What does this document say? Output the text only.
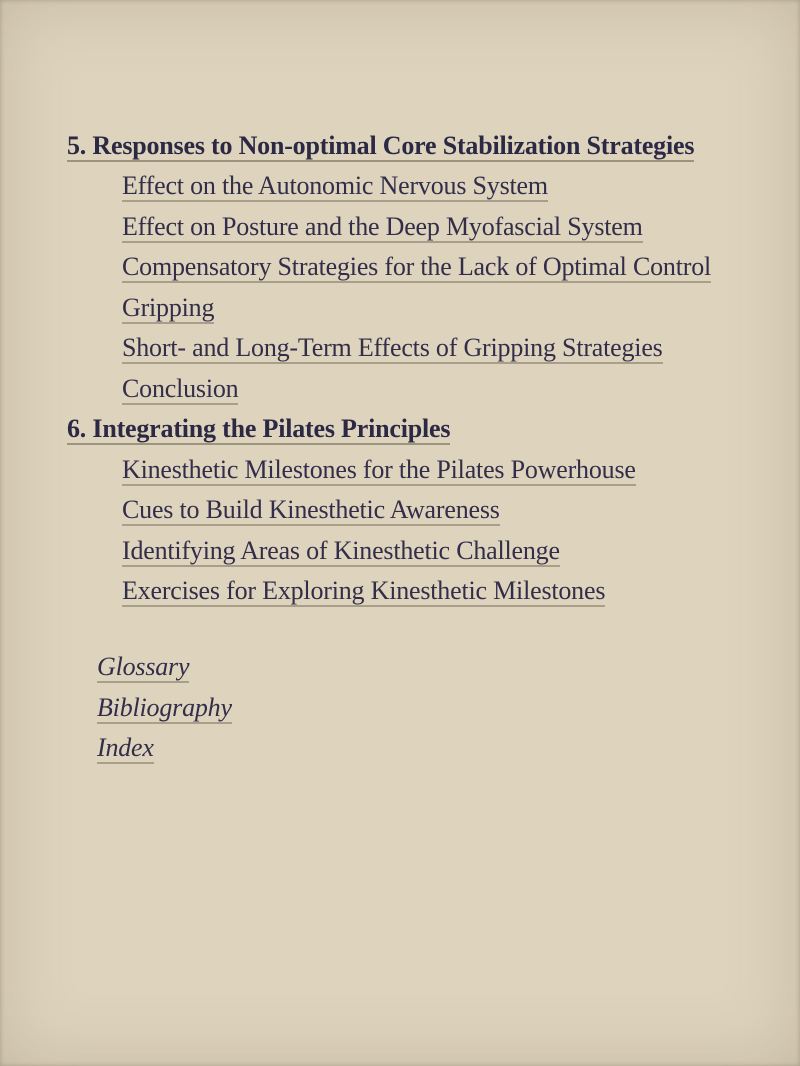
5. Responses to Non-optimal Core Stabilization Strategies
Effect on the Autonomic Nervous System
Effect on Posture and the Deep Myofascial System
Compensatory Strategies for the Lack of Optimal Control
Gripping
Short- and Long-Term Effects of Gripping Strategies
Conclusion
6. Integrating the Pilates Principles
Kinesthetic Milestones for the Pilates Powerhouse
Cues to Build Kinesthetic Awareness
Identifying Areas of Kinesthetic Challenge
Exercises for Exploring Kinesthetic Milestones
Glossary
Bibliography
Index
